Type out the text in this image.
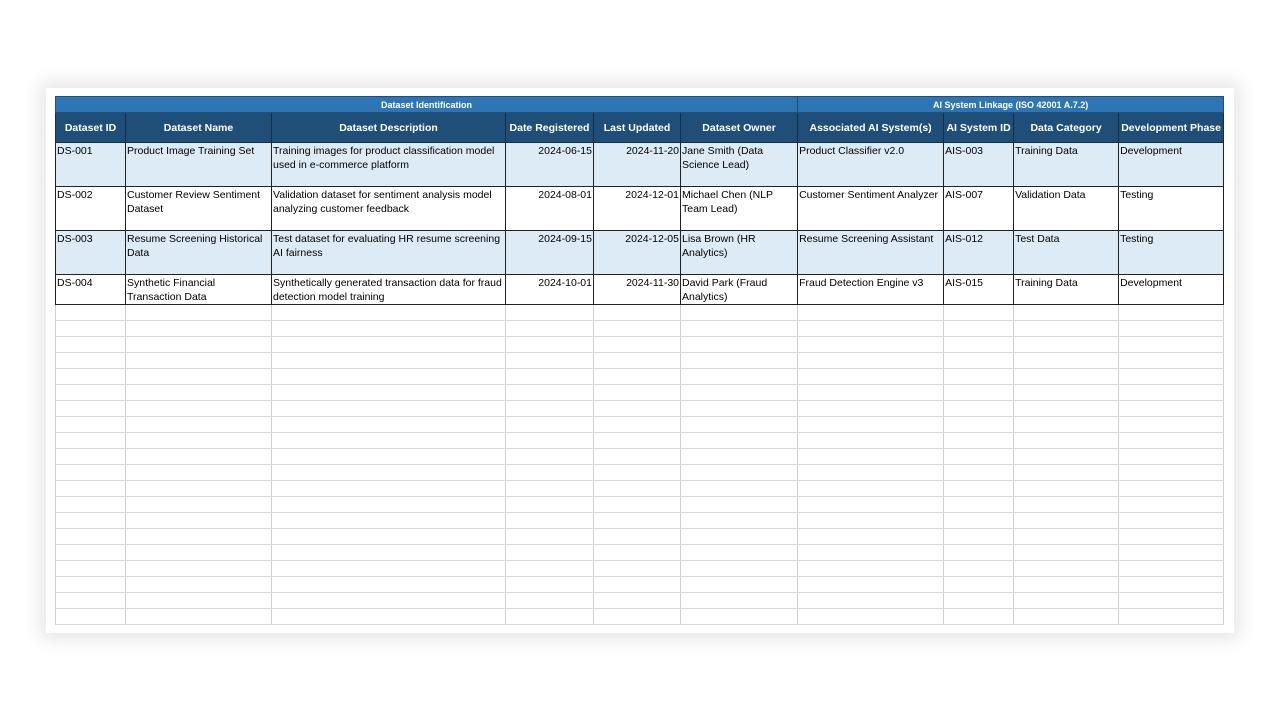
Dataset Identification						AI System Linkage (ISO 42001 A.7.2)			
Dataset ID	Dataset Name	Dataset Description	Date Registered	Last Updated	Dataset Owner	Associated AI System(s)	AI System ID	Data Category	Development Phase
DS-001	Product Image Training Set	Training images for product classification model used in e-commerce platform	2024-06-15	2024-11-20	Jane Smith (Data Science Lead)	Product Classifier v2.0	AIS-003	Training Data	Development
DS-002	Customer Review Sentiment Dataset	Validation dataset for sentiment analysis model analyzing customer feedback	2024-08-01	2024-12-01	Michael Chen (NLP Team Lead)	Customer Sentiment Analyzer	AIS-007	Validation Data	Testing
DS-003	Resume Screening Historical Data	Test dataset for evaluating HR resume screening AI fairness	2024-09-15	2024-12-05	Lisa Brown (HR Analytics)	Resume Screening Assistant	AIS-012	Test Data	Testing
DS-004	Synthetic Financial Transaction Data	Synthetically generated transaction data for fraud detection model training	2024-10-01	2024-11-30	David Park (Fraud Analytics)	Fraud Detection Engine v3	AIS-015	Training Data	Development
